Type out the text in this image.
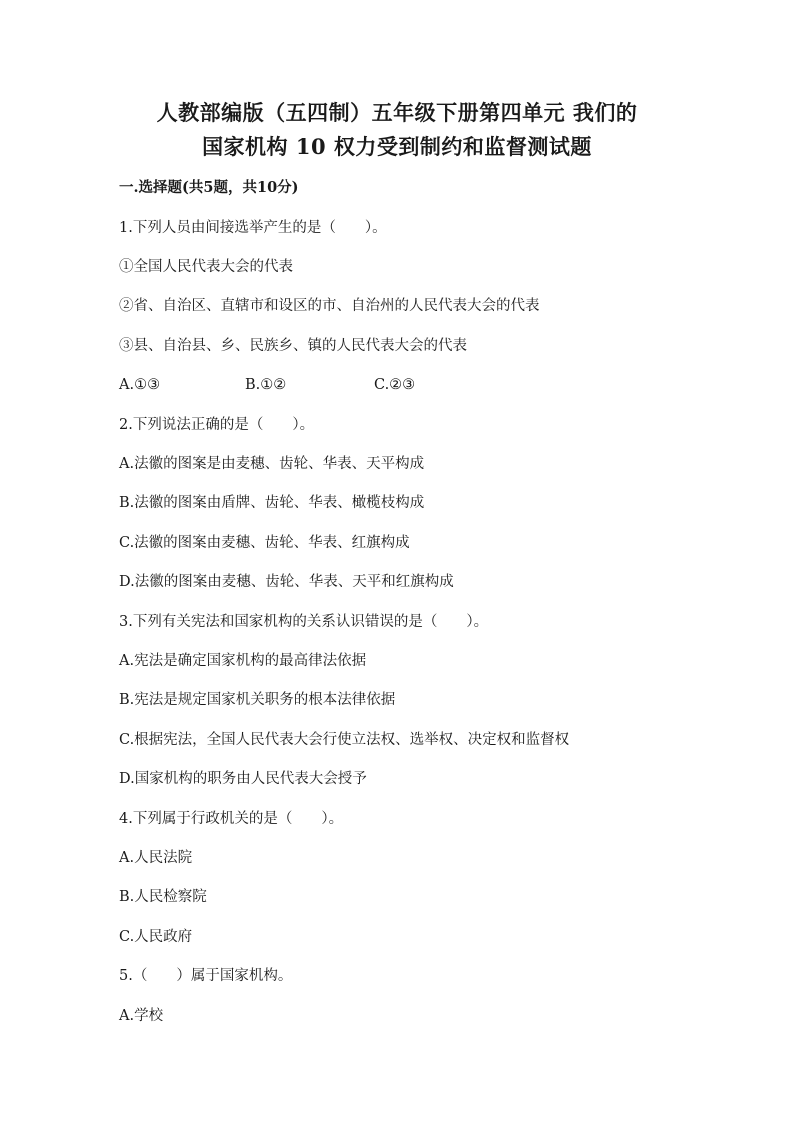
人教部编版（五四制）五年级下册第四单元 我们的
国家机构 10 权力受到制约和监督测试题
一.选择题(共5题，共10分)
1.下列人员由间接选举产生的是（　　）。
①全国人民代表大会的代表
②省、自治区、直辖市和设区的市、自治州的人民代表大会的代表
③县、自治县、乡、民族乡、镇的人民代表大会的代表
A.①③	B.①②	C.②③
2.下列说法正确的是（　　）。
A.法徽的图案是由麦穗、齿轮、华表、天平构成
B.法徽的图案由盾牌、齿轮、华表、橄榄枝构成
C.法徽的图案由麦穗、齿轮、华表、红旗构成
D.法徽的图案由麦穗、齿轮、华表、天平和红旗构成
3.下列有关宪法和国家机构的关系认识错误的是（　　）。
A.宪法是确定国家机构的最高律法依据
B.宪法是规定国家机关职务的根本法律依据
C.根据宪法，全国人民代表大会行使立法权、选举权、决定权和监督权
D.国家机构的职务由人民代表大会授予
4.下列属于行政机关的是（　　）。
A.人民法院
B.人民检察院
C.人民政府
5.（　　）属于国家机构。
A.学校
